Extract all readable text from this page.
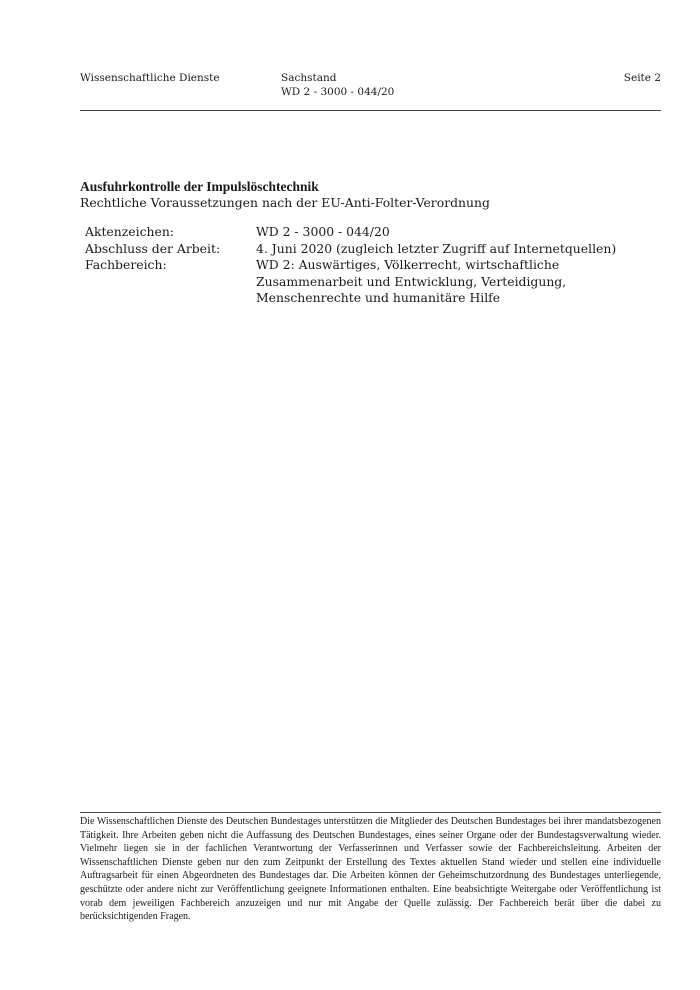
Wissenschaftliche Dienste	Sachstand
WD 2 - 3000 - 044/20
Seite 2

Ausfuhrkontrolle der Impulslöschtechnik

Rechtliche Voraussetzungen nach der EU-Anti-Folter-Verordnung

Aktenzeichen:	WD 2 - 3000 - 044/20
Abschluss der Arbeit:	4. Juni 2020 (zugleich letzter Zugriff auf Internetquellen)
Fachbereich:	WD 2: Auswärtiges, Völkerrecht, wirtschaftliche Zusammenarbeit und Entwicklung, Verteidigung, Menschenrechte und humanitäre Hilfe

Die Wissenschaftlichen Dienste des Deutschen Bundestages unterstützen die Mitglieder des Deutschen Bundestages bei ihrer mandatsbezogenen Tätigkeit. Ihre Arbeiten geben nicht die Auffassung des Deutschen Bundestages, eines seiner Organe oder der Bundestagsverwaltung wieder. Vielmehr liegen sie in der fachlichen Verantwortung der Verfasserinnen und Verfasser sowie der Fachbereichsleitung. Arbeiten der Wissenschaftlichen Dienste geben nur den zum Zeitpunkt der Erstellung des Textes aktuellen Stand wieder und stellen eine individuelle Auftragsarbeit für einen Abgeordneten des Bundestages dar. Die Arbeiten können der Geheimschutzordnung des Bundestages unterliegende, geschützte oder andere nicht zur Veröffentlichung geeignete Informationen enthalten. Eine beabsichtigte Weitergabe oder Veröffentlichung ist vorab dem jeweiligen Fachbereich anzuzeigen und nur mit Angabe der Quelle zulässig. Der Fachbereich berät über die dabei zu berücksichtigenden Fragen.
